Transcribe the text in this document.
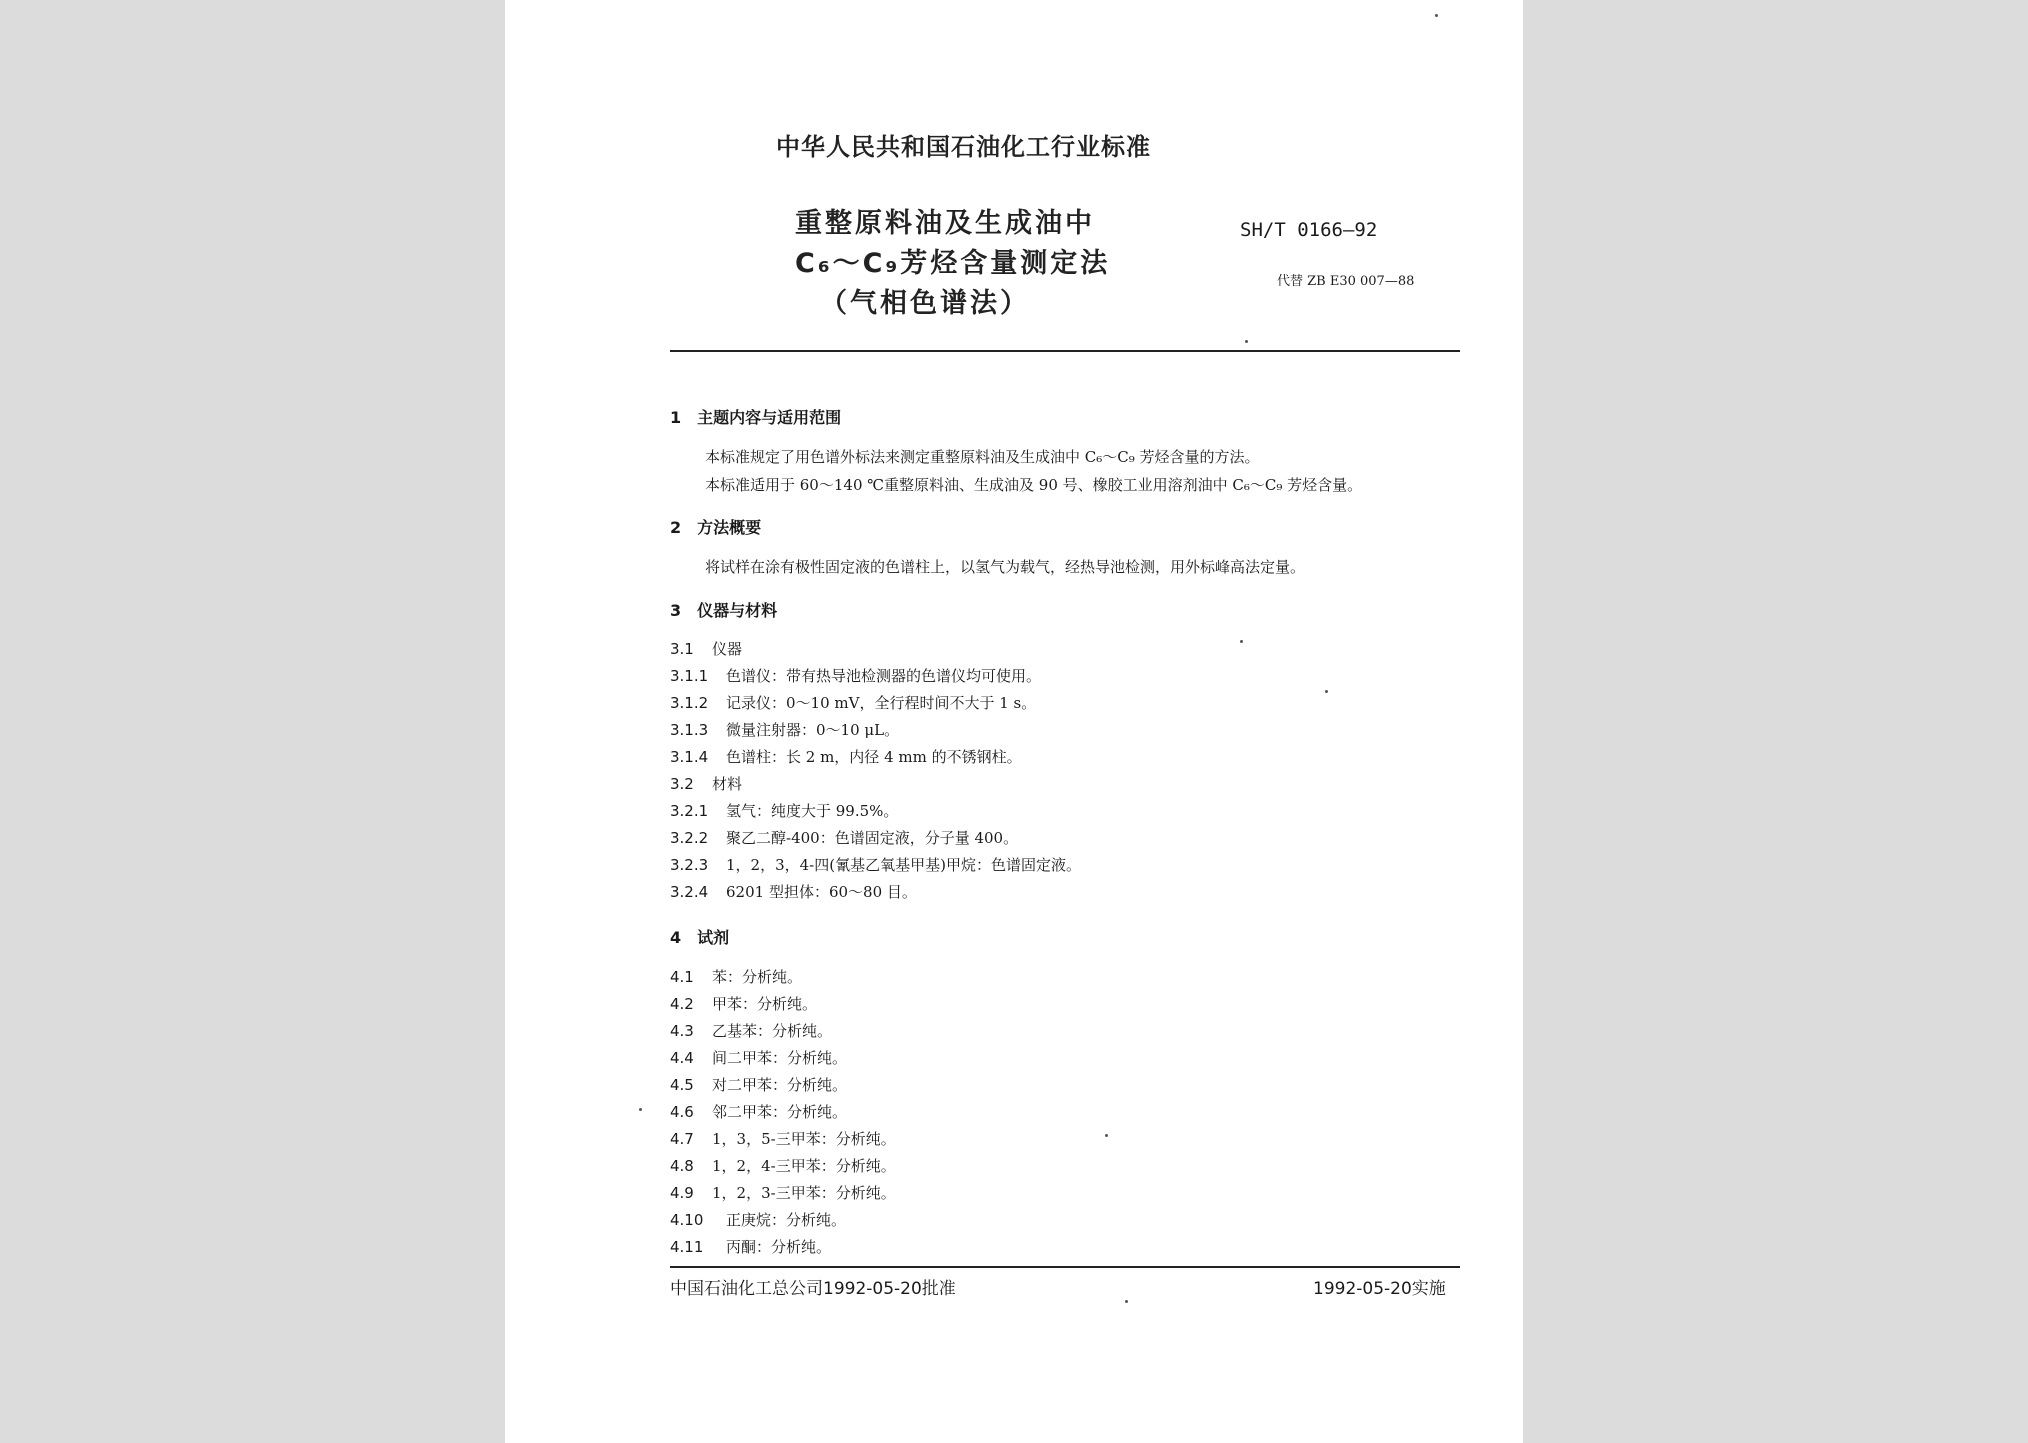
中华人民共和国石油化工行业标准
重整原料油及生成油中
C₆～C₉芳烃含量测定法
（气相色谱法）
SH/T 0166—92
代替 ZB E30 007—88
1　主题内容与适用范围
本标准规定了用色谱外标法来测定重整原料油及生成油中 C₆～C₉ 芳烃含量的方法。
本标准适用于 60～140 ℃重整原料油、生成油及 90 号、橡胶工业用溶剂油中 C₆～C₉ 芳烃含量。
2　方法概要
将试样在涂有极性固定液的色谱柱上，以氢气为载气，经热导池检测，用外标峰高法定量。
3　仪器与材料
3.1 仪器
3.1.1 色谱仪：带有热导池检测器的色谱仪均可使用。
3.1.2 记录仪：0～10 mV，全行程时间不大于 1 s。
3.1.3 微量注射器：0～10 μL。
3.1.4 色谱柱：长 2 m，内径 4 mm 的不锈钢柱。
3.2 材料
3.2.1 氢气：纯度大于 99.5%。
3.2.2 聚乙二醇-400：色谱固定液，分子量 400。
3.2.3 1，2，3，4-四(氰基乙氧基甲基)甲烷：色谱固定液。
3.2.4 6201 型担体：60～80 目。
4　试剂
4.1 苯：分析纯。
4.2 甲苯：分析纯。
4.3 乙基苯：分析纯。
4.4 间二甲苯：分析纯。
4.5 对二甲苯：分析纯。
4.6 邻二甲苯：分析纯。
4.7 1，3，5-三甲苯：分析纯。
4.8 1，2，4-三甲苯：分析纯。
4.9 1，2，3-三甲苯：分析纯。
4.10 正庚烷：分析纯。
4.11 丙酮：分析纯。
中国石油化工总公司1992-05-20批准	1992-05-20实施
